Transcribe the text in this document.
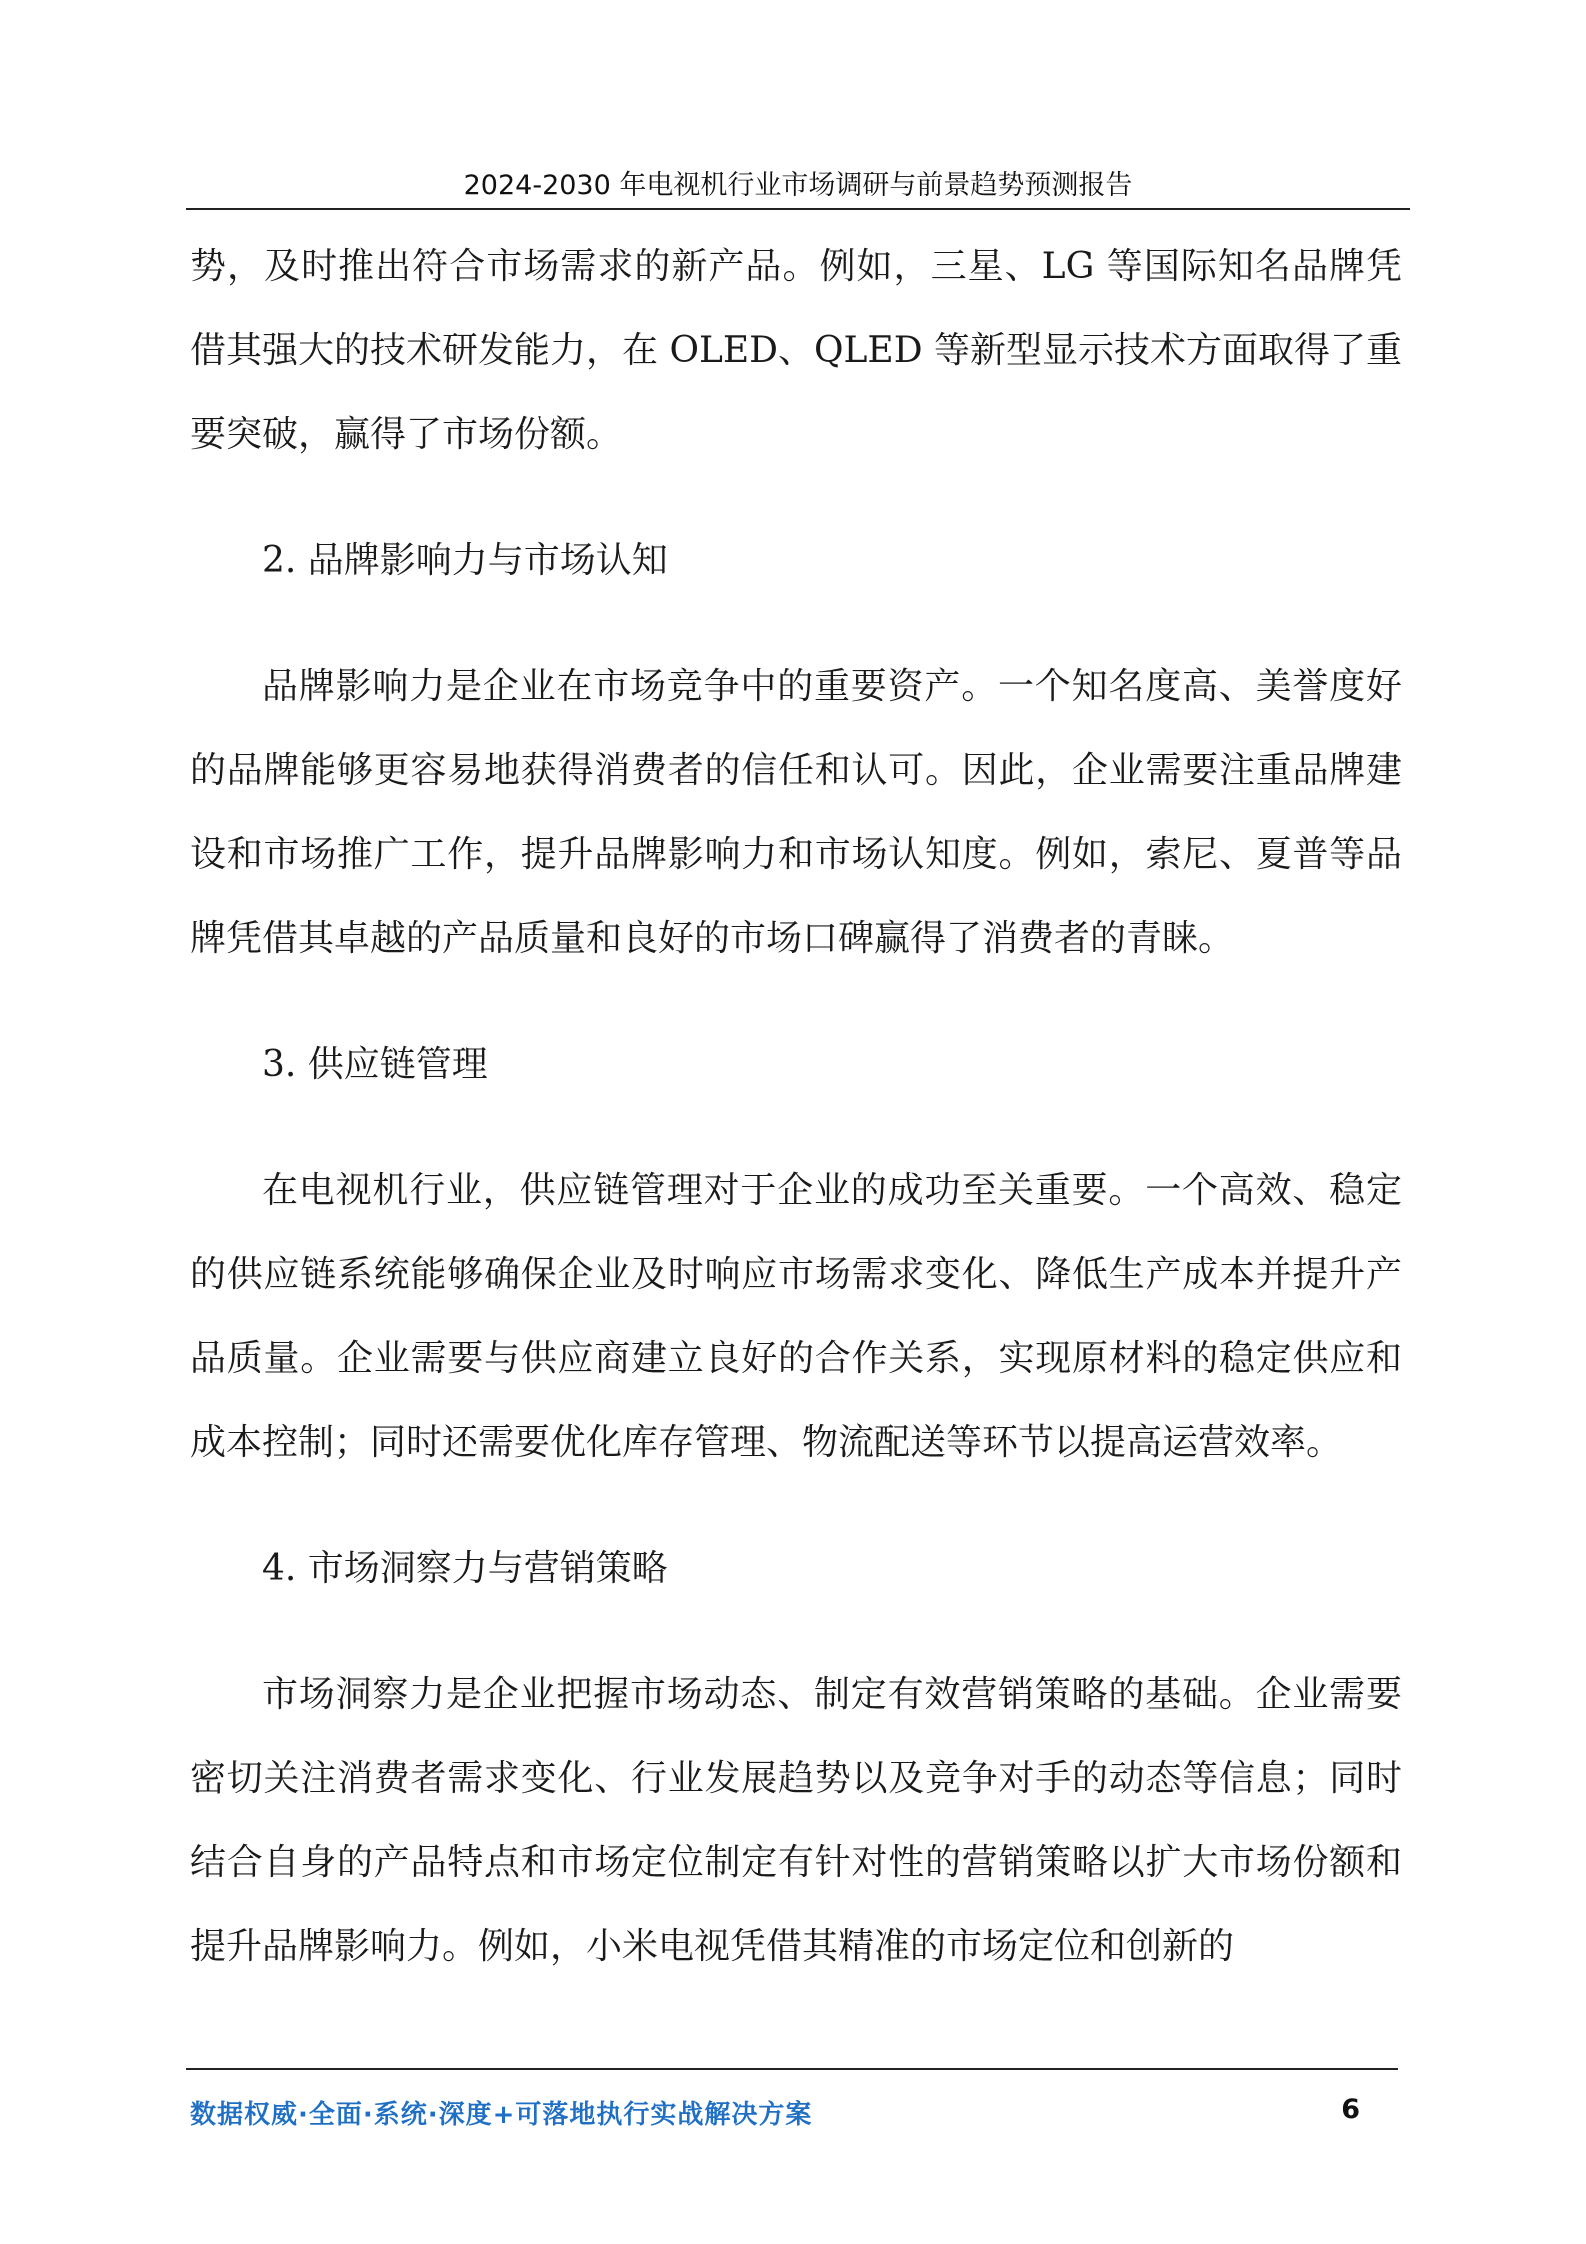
2024-2030 年电视机行业市场调研与前景趋势预测报告

势，及时推出符合市场需求的新产品。例如，三星、LG 等国际知名品牌凭借其强大的技术研发能力，在 OLED、QLED 等新型显示技术方面取得了重要突破，赢得了市场份额。

2. 品牌影响力与市场认知

品牌影响力是企业在市场竞争中的重要资产。一个知名度高、美誉度好的品牌能够更容易地获得消费者的信任和认可。因此，企业需要注重品牌建设和市场推广工作，提升品牌影响力和市场认知度。例如，索尼、夏普等品牌凭借其卓越的产品质量和良好的市场口碑赢得了消费者的青睐。

3. 供应链管理

在电视机行业，供应链管理对于企业的成功至关重要。一个高效、稳定的供应链系统能够确保企业及时响应市场需求变化、降低生产成本并提升产品质量。企业需要与供应商建立良好的合作关系，实现原材料的稳定供应和成本控制；同时还需要优化库存管理、物流配送等环节以提高运营效率。

4. 市场洞察力与营销策略

市场洞察力是企业把握市场动态、制定有效营销策略的基础。企业需要密切关注消费者需求变化、行业发展趋势以及竞争对手的动态等信息；同时结合自身的产品特点和市场定位制定有针对性的营销策略以扩大市场份额和提升品牌影响力。例如，小米电视凭借其精准的市场定位和创新的

数据权威·全面·系统·深度+可落地执行实战解决方案	6
